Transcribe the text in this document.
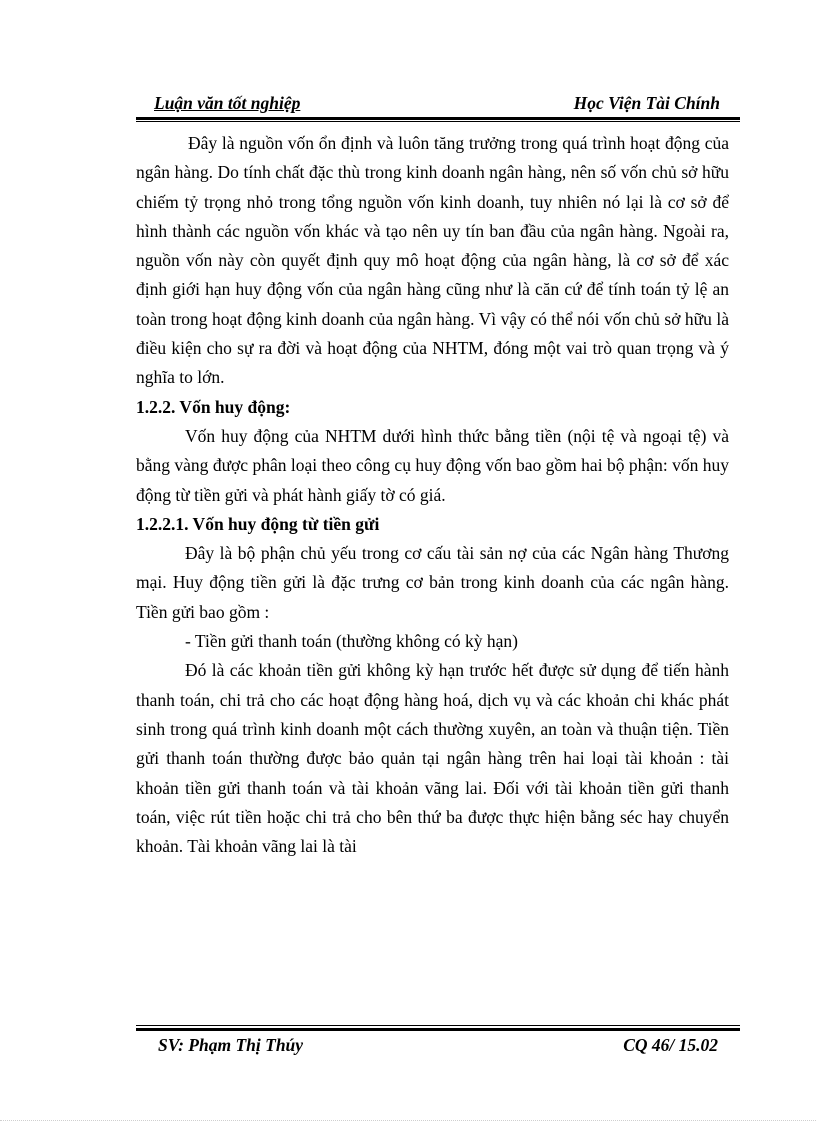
Luận văn tốt nghiệp	Học Viện Tài Chính

Đây là nguồn vốn ổn định và luôn tăng trưởng trong quá trình hoạt động của ngân hàng. Do tính chất đặc thù trong kinh doanh ngân hàng, nên số vốn chủ sở hữu chiếm tỷ trọng nhỏ trong tổng nguồn vốn kinh doanh, tuy nhiên nó lại là cơ sở để hình thành các nguồn vốn khác và tạo nên uy tín ban đầu của ngân hàng. Ngoài ra, nguồn vốn này còn quyết định quy mô hoạt động của ngân hàng, là cơ sở để xác định giới hạn huy động vốn của ngân hàng cũng như là căn cứ để tính toán tỷ lệ an toàn trong hoạt động kinh doanh của ngân hàng. Vì vậy có thể nói vốn chủ sở hữu là điều kiện cho sự ra đời và hoạt động của NHTM, đóng một vai trò quan trọng và ý nghĩa to lớn.

1.2.2. Vốn huy động:

Vốn huy động của NHTM dưới hình thức bằng tiền (nội tệ và ngoại tệ) và bằng vàng được phân loại theo công cụ huy động vốn bao gồm hai bộ phận: vốn huy động từ tiền gửi và phát hành giấy tờ có giá.

1.2.2.1. Vốn huy động từ tiền gửi

Đây là bộ phận chủ yếu trong cơ cấu tài sản nợ của các Ngân hàng Thương mại. Huy động tiền gửi là đặc trưng cơ bản trong kinh doanh của các ngân hàng. Tiền gửi bao gồm :

- Tiền gửi thanh toán (thường không có kỳ hạn)

Đó là các khoản tiền gửi không kỳ hạn trước hết được sử dụng để tiến hành thanh toán, chi trả cho các hoạt động hàng hoá, dịch vụ và các khoản chi khác phát sinh trong quá trình kinh doanh một cách thường xuyên, an toàn và thuận tiện. Tiền gửi thanh toán thường được bảo quản tại ngân hàng trên hai loại tài khoản : tài khoản tiền gửi thanh toán và tài khoản vãng lai. Đối với tài khoản tiền gửi thanh toán, việc rút tiền hoặc chi trả cho bên thứ ba được thực hiện bằng séc hay chuyển khoản. Tài khoản vãng lai là tài

SV: Phạm Thị Thúy	CQ 46/ 15.02
